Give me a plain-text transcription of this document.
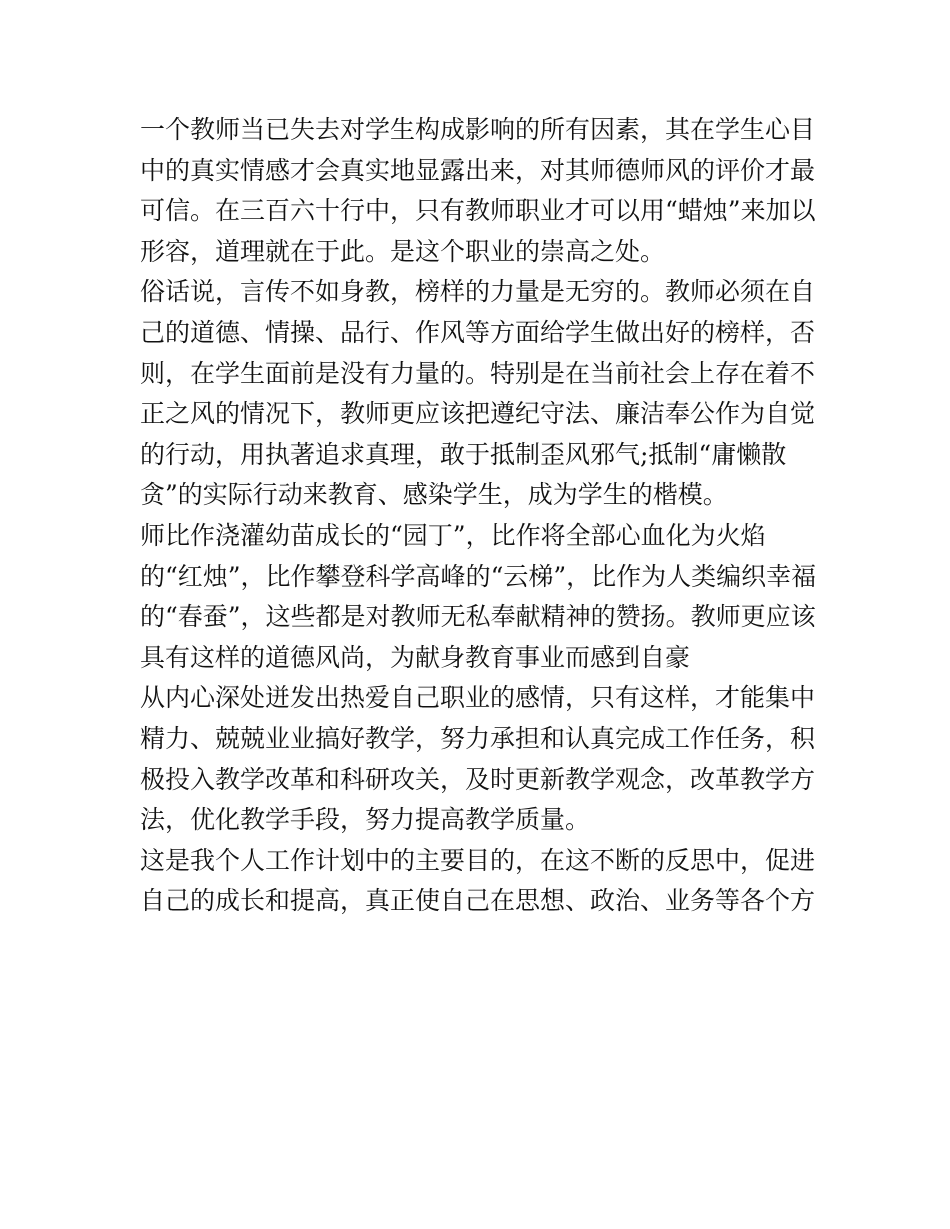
一个教师当已失去对学生构成影响的所有因素，其在学生心目
中的真实情感才会真实地显露出来，对其师德师风的评价才最
可信。在三百六十行中，只有教师职业才可以用“蜡烛”来加以
形容，道理就在于此。是这个职业的崇高之处。
俗话说，言传不如身教，榜样的力量是无穷的。教师必须在自
己的道德、情操、品行、作风等方面给学生做出好的榜样，否
则，在学生面前是没有力量的。特别是在当前社会上存在着不
正之风的情况下，教师更应该把遵纪守法、廉洁奉公作为自觉
的行动，用执著追求真理，敢于抵制歪风邪气;抵制“庸懒散
贪”的实际行动来教育、感染学生，成为学生的楷模。
师比作浇灌幼苗成长的“园丁”，比作将全部心血化为火焰
的“红烛”，比作攀登科学高峰的“云梯”，比作为人类编织幸福
的“春蚕”，这些都是对教师无私奉献精神的赞扬。教师更应该
具有这样的道德风尚，为献身教育事业而感到自豪
从内心深处迸发出热爱自己职业的感情，只有这样，才能集中
精力、兢兢业业搞好教学，努力承担和认真完成工作任务，积
极投入教学改革和科研攻关，及时更新教学观念，改革教学方
法，优化教学手段，努力提高教学质量。
这是我个人工作计划中的主要目的，在这不断的反思中，促进
自己的成长和提高，真正使自己在思想、政治、业务等各个方
